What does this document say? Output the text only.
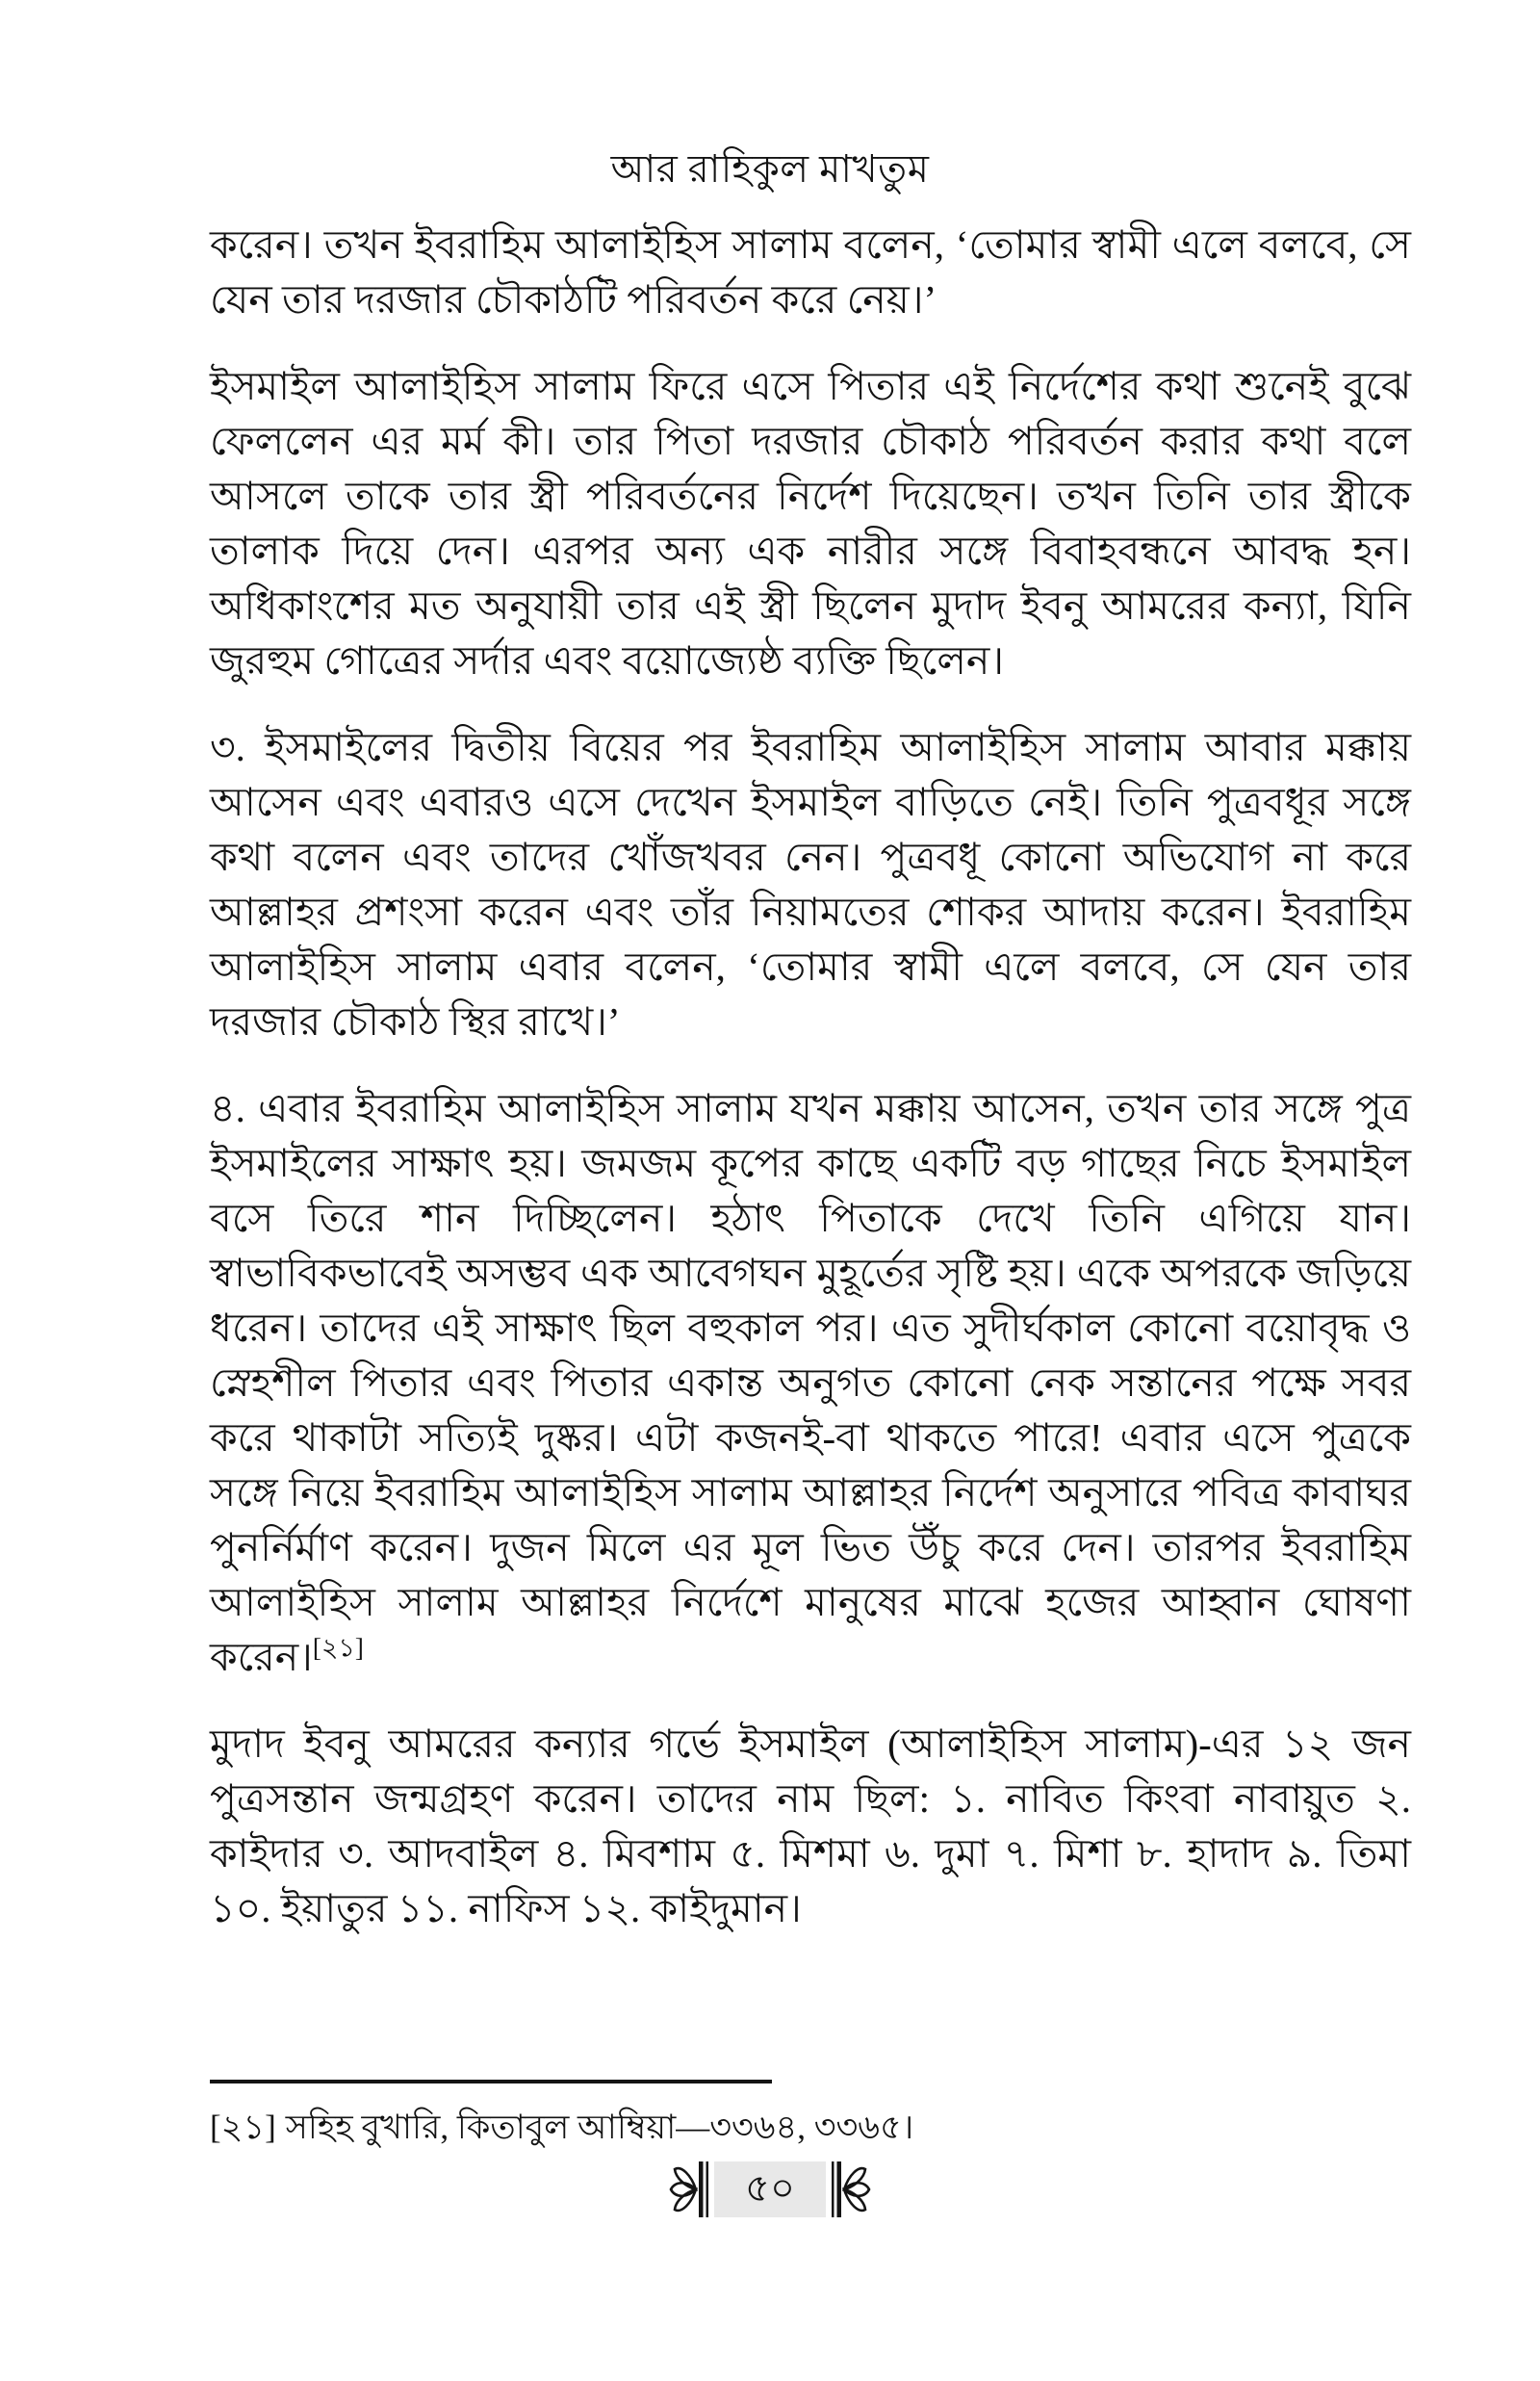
আর রাহিকুল মাখতুম

করেন। তখন ইবরাহিম আলাইহিস সালাম বলেন, ‘তোমার স্বামী এলে বলবে, সে যেন তার দরজার চৌকাঠটি পরিবর্তন করে নেয়।’

ইসমাইল আলাইহিস সালাম ফিরে এসে পিতার এই নির্দেশের কথা শুনেই বুঝে ফেললেন এর মর্ম কী। তার পিতা দরজার চৌকাঠ পরিবর্তন করার কথা বলে আসলে তাকে তার স্ত্রী পরিবর্তনের নির্দেশ দিয়েছেন। তখন তিনি তার স্ত্রীকে তালাক দিয়ে দেন। এরপর অন্য এক নারীর সঙ্গে বিবাহবন্ধনে আবদ্ধ হন। অধিকাংশের মত অনুযায়ী তার এই স্ত্রী ছিলেন মুদাদ ইবনু আমরের কন্যা, যিনি জুরহুম গোত্রের সর্দার এবং বয়োজ্যেষ্ঠ ব্যক্তি ছিলেন।

৩. ইসমাইলের দ্বিতীয় বিয়ের পর ইবরাহিম আলাইহিস সালাম আবার মক্কায় আসেন এবং এবারও এসে দেখেন ইসমাইল বাড়িতে নেই। তিনি পুত্রবধূর সঙ্গে কথা বলেন এবং তাদের খোঁজখবর নেন। পুত্রবধূ কোনো অভিযোগ না করে আল্লাহর প্রশংসা করেন এবং তাঁর নিয়ামতের শোকর আদায় করেন। ইবরাহিম আলাইহিস সালাম এবার বলেন, ‘তোমার স্বামী এলে বলবে, সে যেন তার দরজার চৌকাঠ স্থির রাখে।’

৪. এবার ইবরাহিম আলাইহিস সালাম যখন মক্কায় আসেন, তখন তার সঙ্গে পুত্র ইসমাইলের সাক্ষাৎ হয়। জমজম কূপের কাছে একটি বড় গাছের নিচে ইসমাইল বসে তিরে শান দিচ্ছিলেন। হঠাৎ পিতাকে দেখে তিনি এগিয়ে যান। স্বাভাবিকভাবেই অসম্ভব এক আবেগঘন মুহূর্তের সৃষ্টি হয়। একে অপরকে জড়িয়ে ধরেন। তাদের এই সাক্ষাৎ ছিল বহুকাল পর। এত সুদীর্ঘকাল কোনো বয়োবৃদ্ধ ও স্নেহশীল পিতার এবং পিতার একান্ত অনুগত কোনো নেক সন্তানের পক্ষে সবর করে থাকাটা সত্যিই দুষ্কর। এটা কজনই-বা থাকতে পারে! এবার এসে পুত্রকে সঙ্গে নিয়ে ইবরাহিম আলাইহিস সালাম আল্লাহর নির্দেশ অনুসারে পবিত্র কাবাঘর পুনর্নির্মাণ করেন। দুজন মিলে এর মূল ভিত উঁচু করে দেন। তারপর ইবরাহিম আলাইহিস সালাম আল্লাহর নির্দেশে মানুষের মাঝে হজের আহ্বান ঘোষণা করেন।[২১]

মুদাদ ইবনু আমরের কন্যার গর্ভে ইসমাইল (আলাইহিস সালাম)-এর ১২ জন পুত্রসন্তান জন্মগ্রহণ করেন। তাদের নাম ছিল: ১. নাবিত কিংবা নাবায়ুত ২. কাইদার ৩. আদবাইল ৪. মিবশাম ৫. মিশমা ৬. দুমা ৭. মিশা ৮. হাদাদ ৯. তিমা ১০. ইয়াতুর ১১. নাফিস ১২. কাইদুমান।

[২১] সহিহ বুখারি, কিতাবুল আম্বিয়া—৩৩৬৪, ৩৩৬৫।
৫০
